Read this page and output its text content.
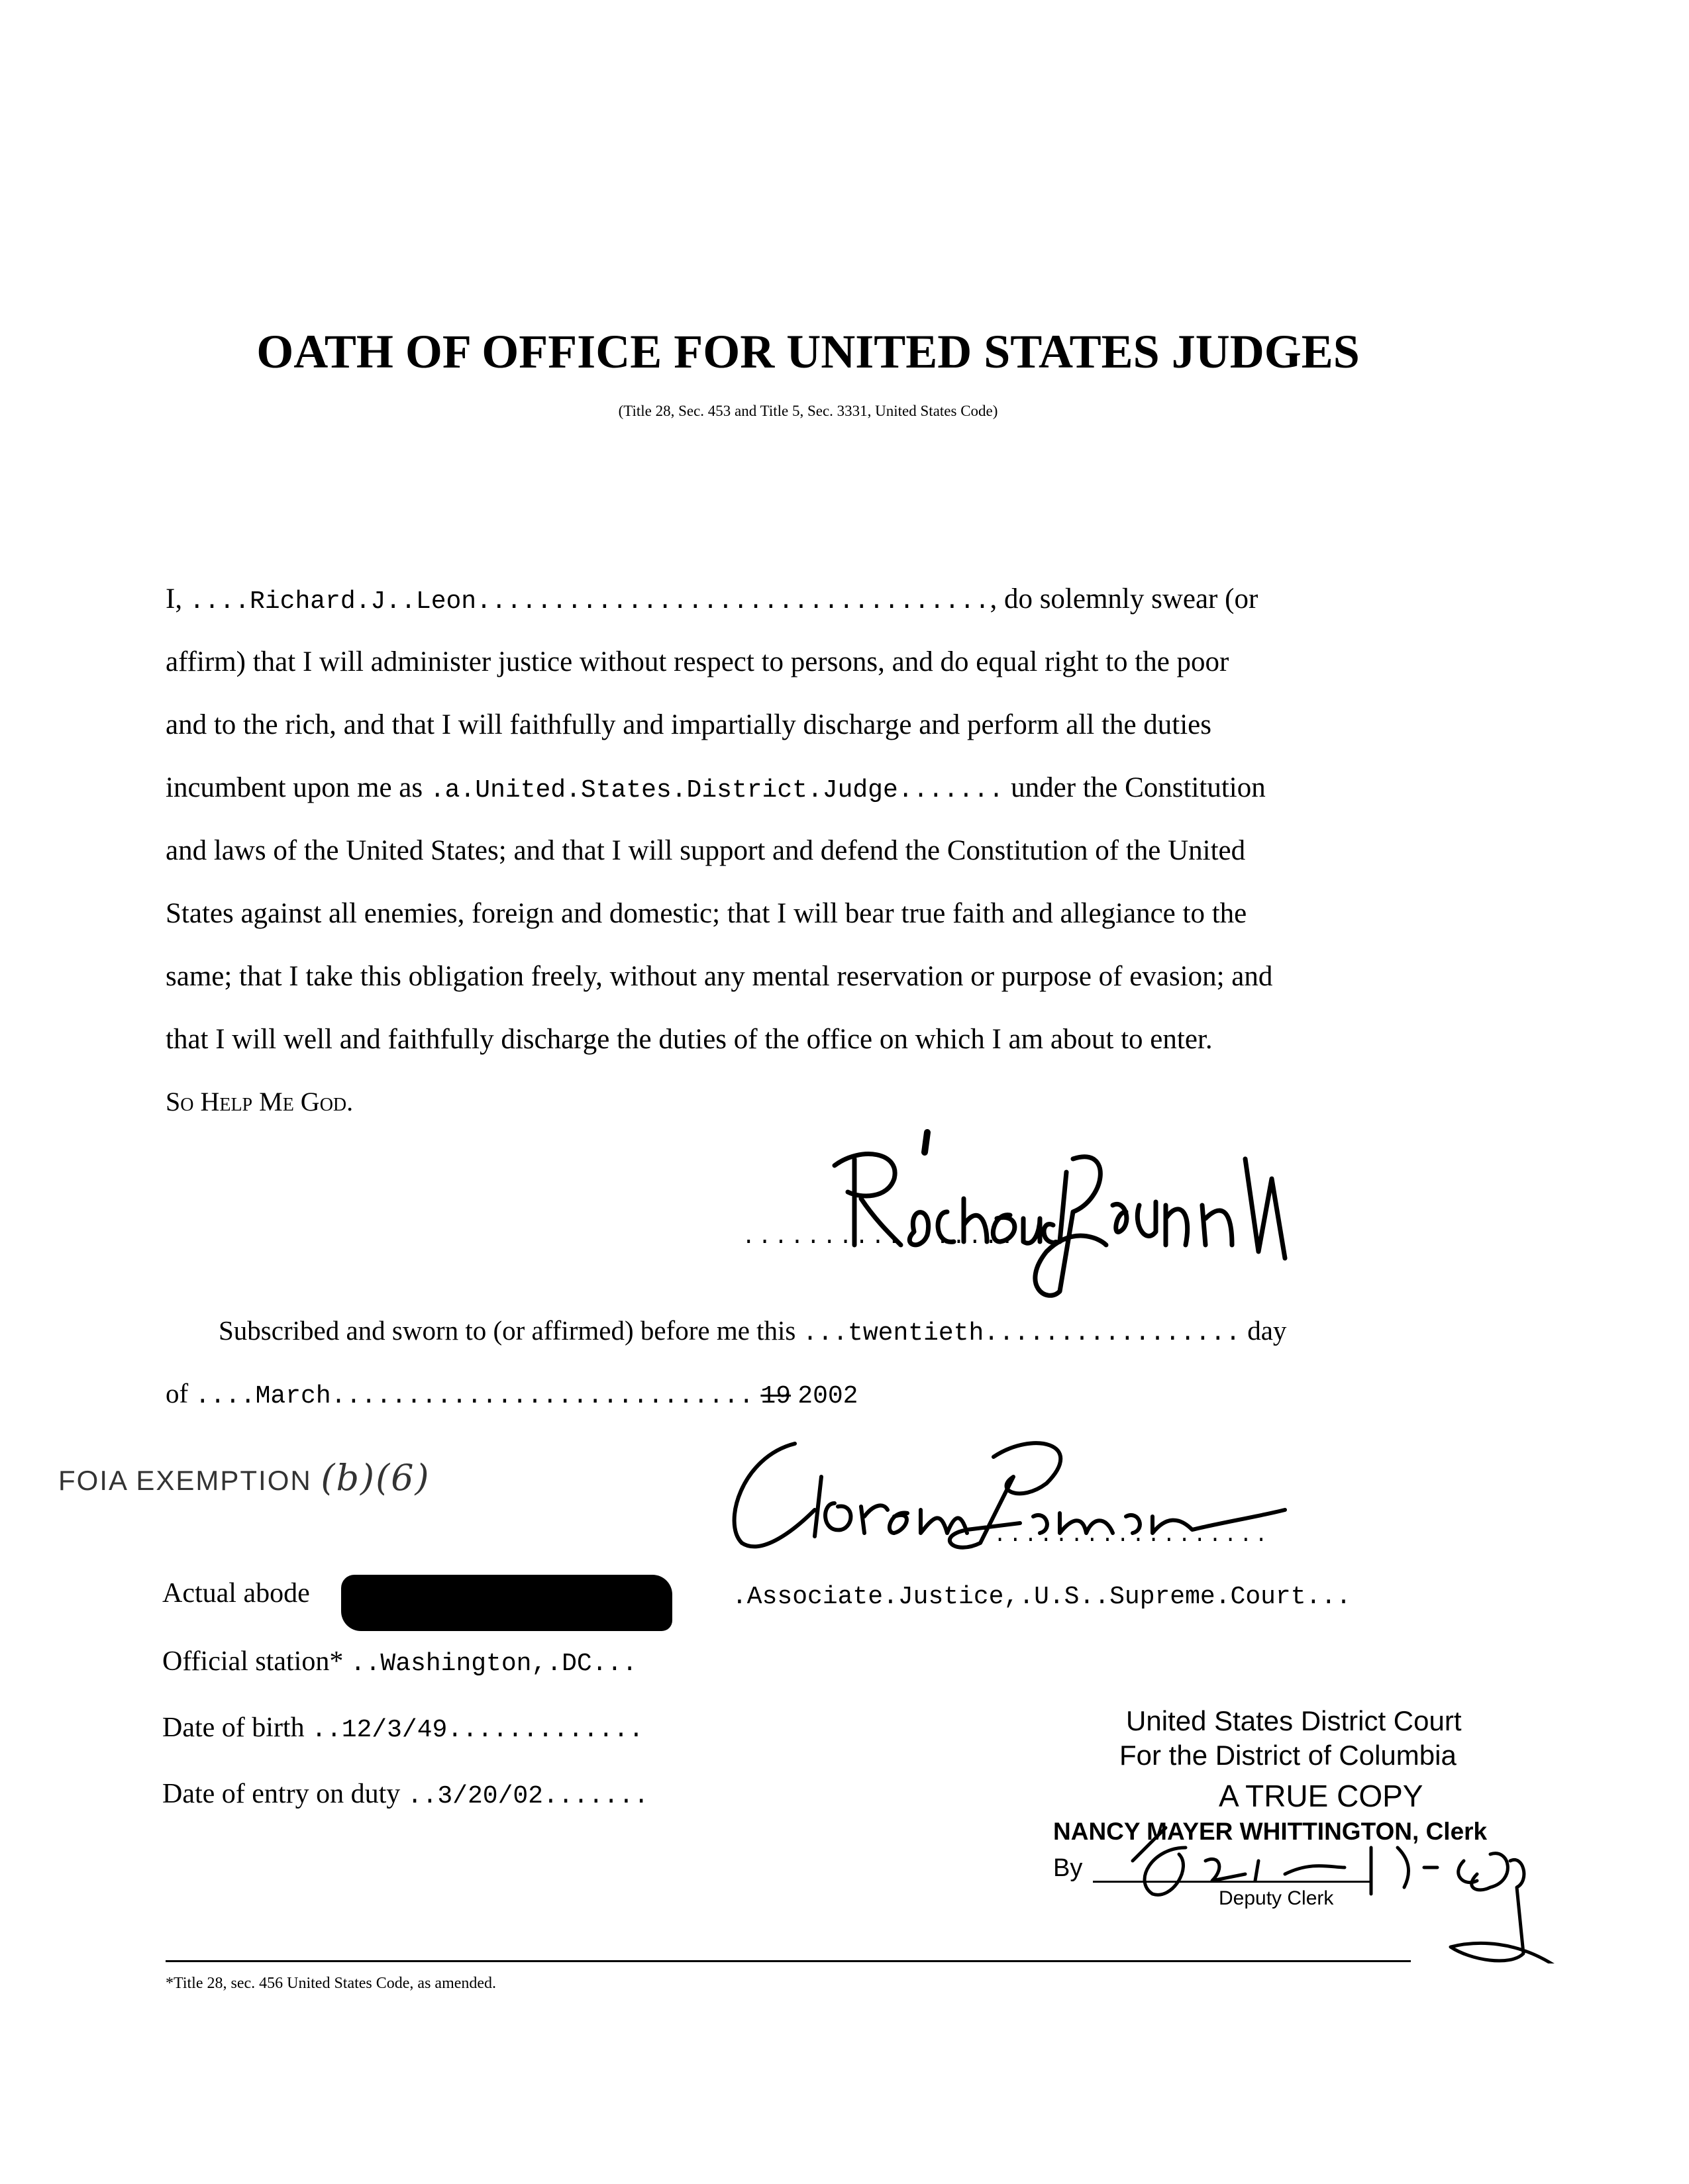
OATH OF OFFICE FOR UNITED STATES JUDGES
(Title 28, Sec. 453 and Title 5, Sec. 3331, United States Code)
I, ....Richard.J..Leon.................................., do solemnly swear (or
affirm) that I will administer justice without respect to persons, and do equal right to the poor
and to the rich, and that I will faithfully and impartially discharge and perform all the duties
incumbent upon me as .a.United.States.District.Judge....... under the Constitution
and laws of the United States; and that I will support and defend the Constitution of the United
States against all enemies, foreign and domestic; that I will bear true faith and allegiance to the
same; that I take this obligation freely, without any mental reservation or purpose of evasion; and
that I will well and faithfully discharge the duties of the office on which I am about to enter.
So Help Me God.
........... ........
Subscribed and sworn to (or affirmed) before me this ...twentieth................. day
of ....March............................ 19 2002
FOIA EXEMPTION (b)(6)
..................
Actual abode	.Associate.Justice,.U.S..Supreme.Court...
Official station* ..Washington,.DC...
Date of birth ..12/3/49.............
Date of entry on duty ..3/20/02.......
United States District Court
For the District of Columbia
A TRUE COPY
NANCY MAYER WHITTINGTON, Clerk
By
Deputy Clerk
*Title 28, sec. 456 United States Code, as amended.
